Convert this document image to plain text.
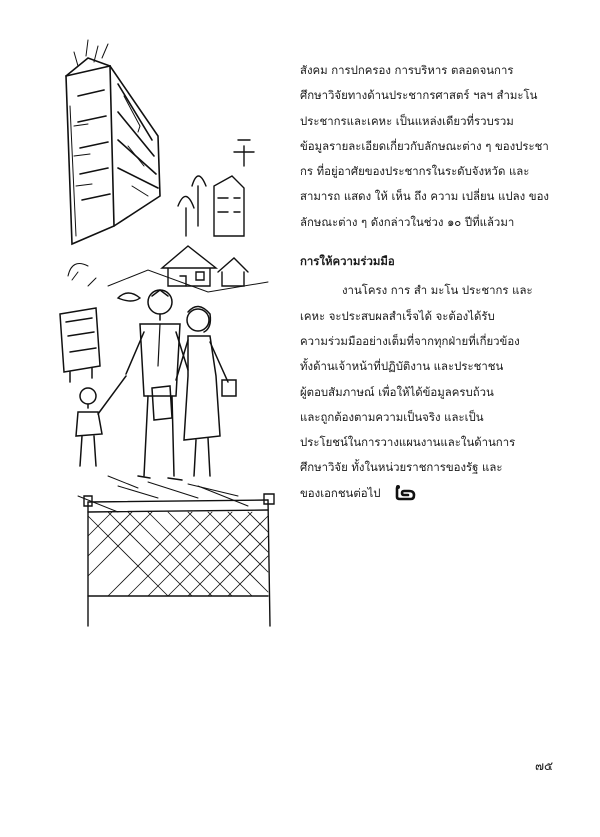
สังคม การปกครอง การบริหาร ตลอดจนการ
ศึกษาวิจัยทางด้านประชากรศาสตร์ ฯลฯ สำมะโน
ประชากรและเคหะ เป็นแหล่งเดียวที่รวบรวม
ข้อมูลรายละเอียดเกี่ยวกับลักษณะต่าง ๆ ของประชา
กร ที่อยู่อาศัยของประชากรในระดับจังหวัด และ
สามารถ แสดง ให้ เห็น ถึง ความ เปลี่ยน แปลง ของ
ลักษณะต่าง ๆ ดังกล่าวในช่วง ๑๐ ปีที่แล้วมา
การให้ความร่วมมือ
งานโครง การ สำ มะโน ประชากร และ
เคหะ จะประสบผลสำเร็จได้ จะต้องได้รับ
ความร่วมมืออย่างเต็มที่จากทุกฝ่ายที่เกี่ยวข้อง
ทั้งด้านเจ้าหน้าที่ปฏิบัติงาน และประชาชน
ผู้ตอบสัมภาษณ์ เพื่อให้ได้ข้อมูลครบถ้วน
และถูกต้องตามความเป็นจริง และเป็น
ประโยชน์ในการวางแผนงานและในด้านการ
ศึกษาวิจัย ทั้งในหน่วยราชการของรัฐ และ
ของเอกชนต่อไป
๗๕
